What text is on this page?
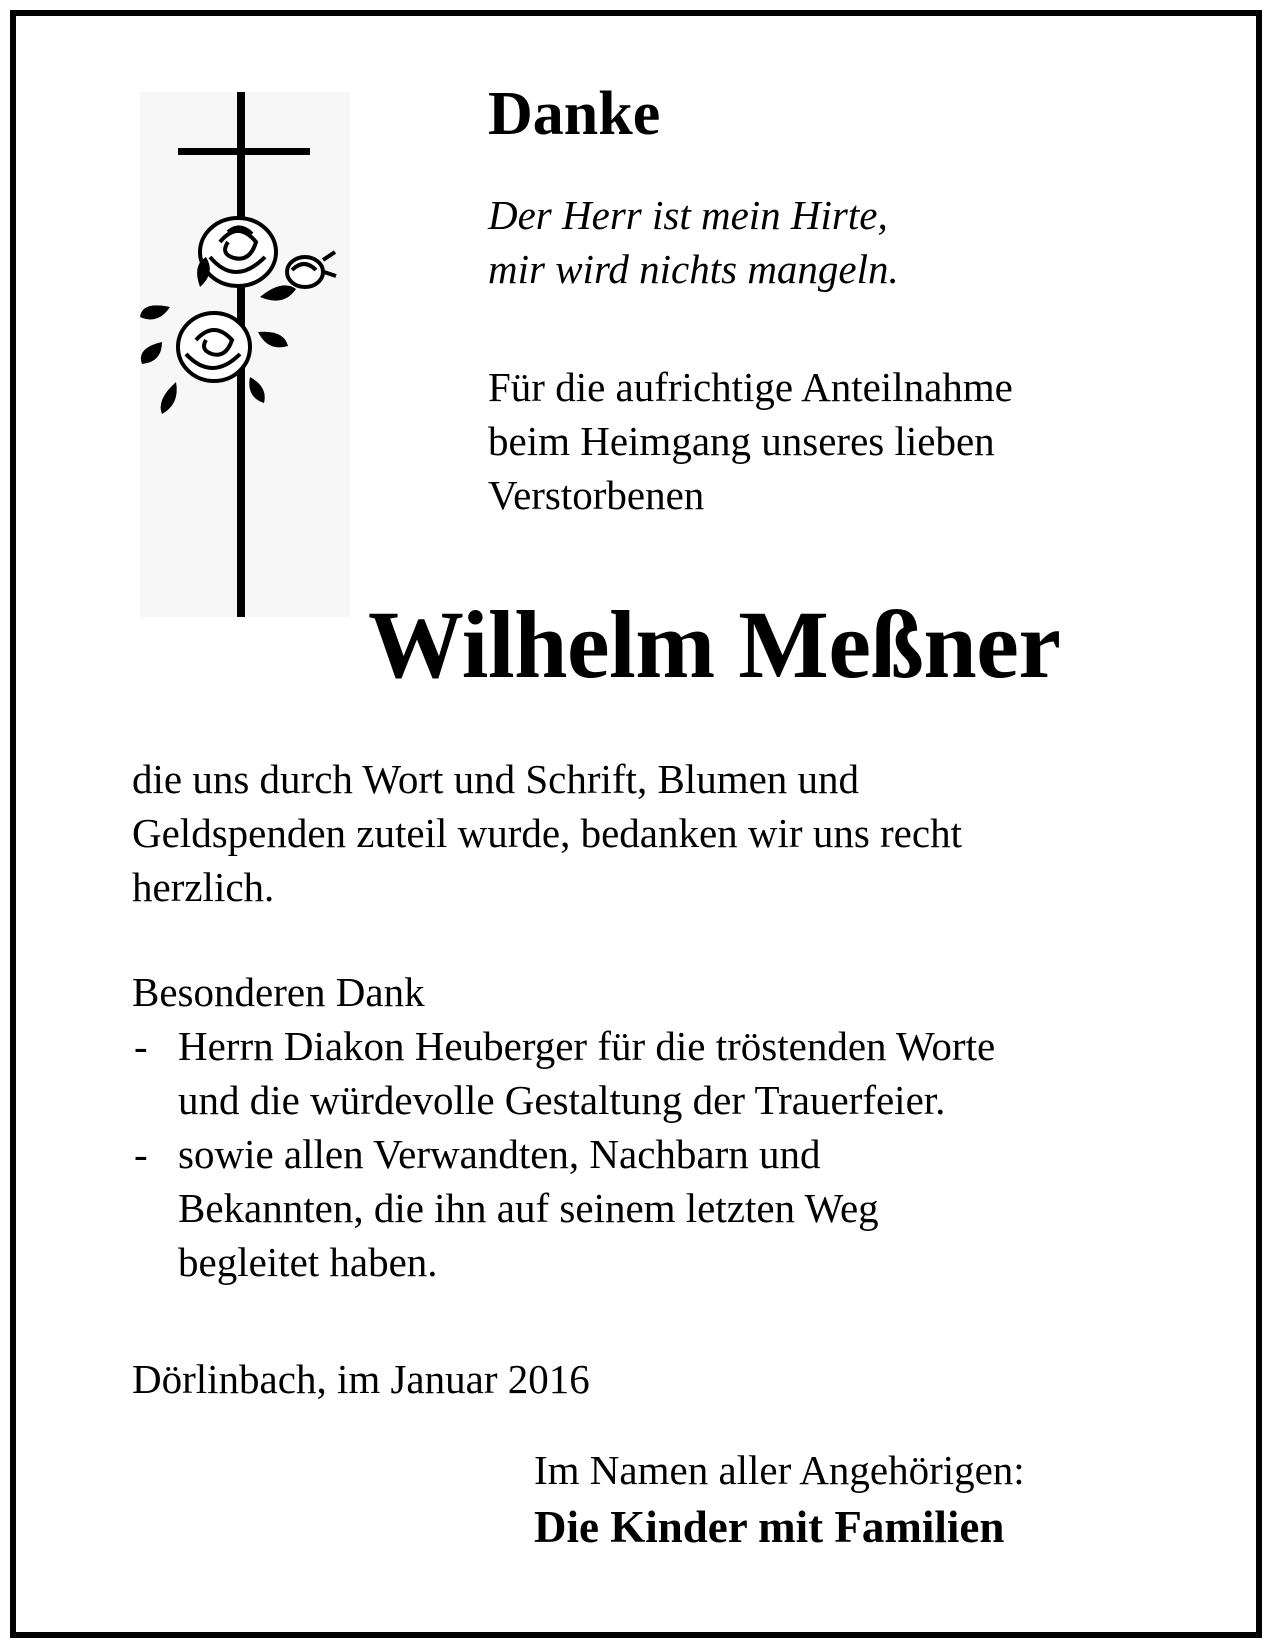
Danke
Der Herr ist mein Hirte,
mir wird nichts mangeln.
Für die aufrichtige Anteilnahme
beim Heimgang unseres lieben
Verstorbenen
Wilhelm Meßner
die uns durch Wort und Schrift, Blumen und
Geldspenden zuteil wurde, bedanken wir uns recht
herzlich.
Besonderen Dank
- Herrn Diakon Heuberger für die tröstenden Worte
und die würdevolle Gestaltung der Trauerfeier.
- sowie allen Verwandten, Nachbarn und
Bekannten, die ihn auf seinem letzten Weg
begleitet haben.
Dörlinbach, im Januar 2016
Im Namen aller Angehörigen:
Die Kinder mit Familien
